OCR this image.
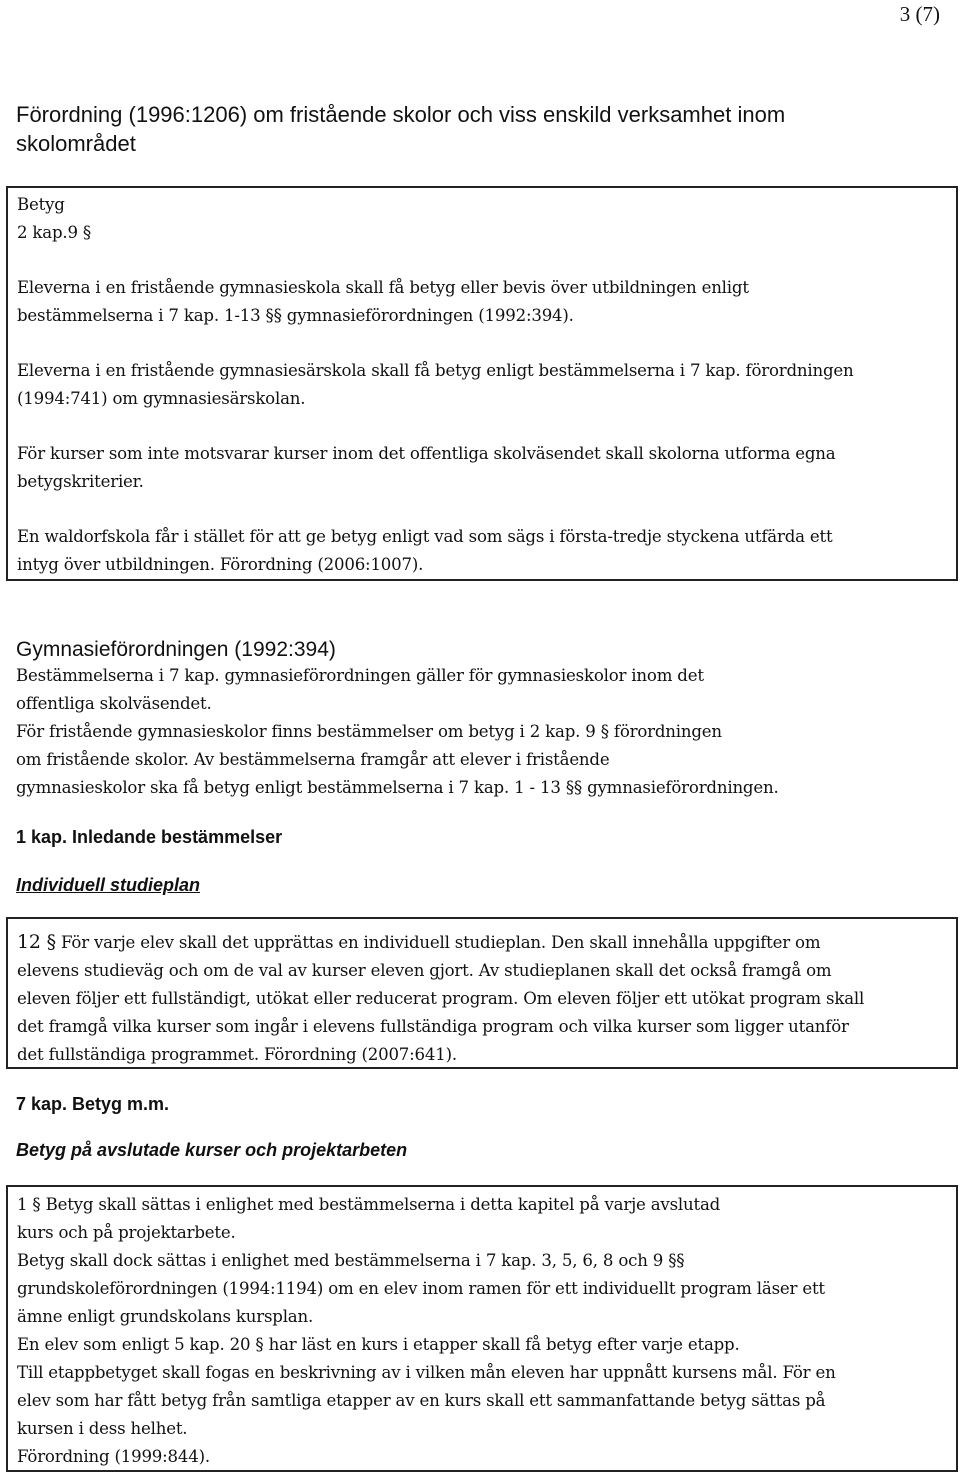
3 (7)
Förordning (1996:1206) om fristående skolor och viss enskild verksamhet inom
skolområdet
Betyg
2 kap.9 §
Eleverna i en fristående gymnasieskola skall få betyg eller bevis över utbildningen enligt
bestämmelserna i 7 kap. 1-13 §§ gymnasieförordningen (1992:394).
Eleverna i en fristående gymnasiesärskola skall få betyg enligt bestämmelserna i 7 kap. förordningen
(1994:741) om gymnasiesärskolan.
För kurser som inte motsvarar kurser inom det offentliga skolväsendet skall skolorna utforma egna
betygskriterier.
En waldorfskola får i stället för att ge betyg enligt vad som sägs i första-tredje styckena utfärda ett
intyg över utbildningen. Förordning (2006:1007).
Gymnasieförordningen (1992:394)
Bestämmelserna i 7 kap. gymnasieförordningen gäller för gymnasieskolor inom det
offentliga skolväsendet.
För fristående gymnasieskolor finns bestämmelser om betyg i 2 kap. 9 § förordningen
om fristående skolor. Av bestämmelserna framgår att elever i fristående
gymnasieskolor ska få betyg enligt bestämmelserna i 7 kap. 1 - 13 §§ gymnasieförordningen.
1 kap. Inledande bestämmelser
Individuell studieplan
12 § För varje elev skall det upprättas en individuell studieplan. Den skall innehålla uppgifter om
elevens studieväg och om de val av kurser eleven gjort. Av studieplanen skall det också framgå om
eleven följer ett fullständigt, utökat eller reducerat program. Om eleven följer ett utökat program skall
det framgå vilka kurser som ingår i elevens fullständiga program och vilka kurser som ligger utanför
det fullständiga programmet. Förordning (2007:641).
7 kap. Betyg m.m.
Betyg på avslutade kurser och projektarbeten
1 § Betyg skall sättas i enlighet med bestämmelserna i detta kapitel på varje avslutad
kurs och på projektarbete.
Betyg skall dock sättas i enlighet med bestämmelserna i 7 kap. 3, 5, 6, 8 och 9 §§
grundskoleförordningen (1994:1194) om en elev inom ramen för ett individuellt program läser ett
ämne enligt grundskolans kursplan.
En elev som enligt 5 kap. 20 § har läst en kurs i etapper skall få betyg efter varje etapp.
Till etappbetyget skall fogas en beskrivning av i vilken mån eleven har uppnått kursens mål. För en
elev som har fått betyg från samtliga etapper av en kurs skall ett sammanfattande betyg sättas på
kursen i dess helhet.
Förordning (1999:844).
